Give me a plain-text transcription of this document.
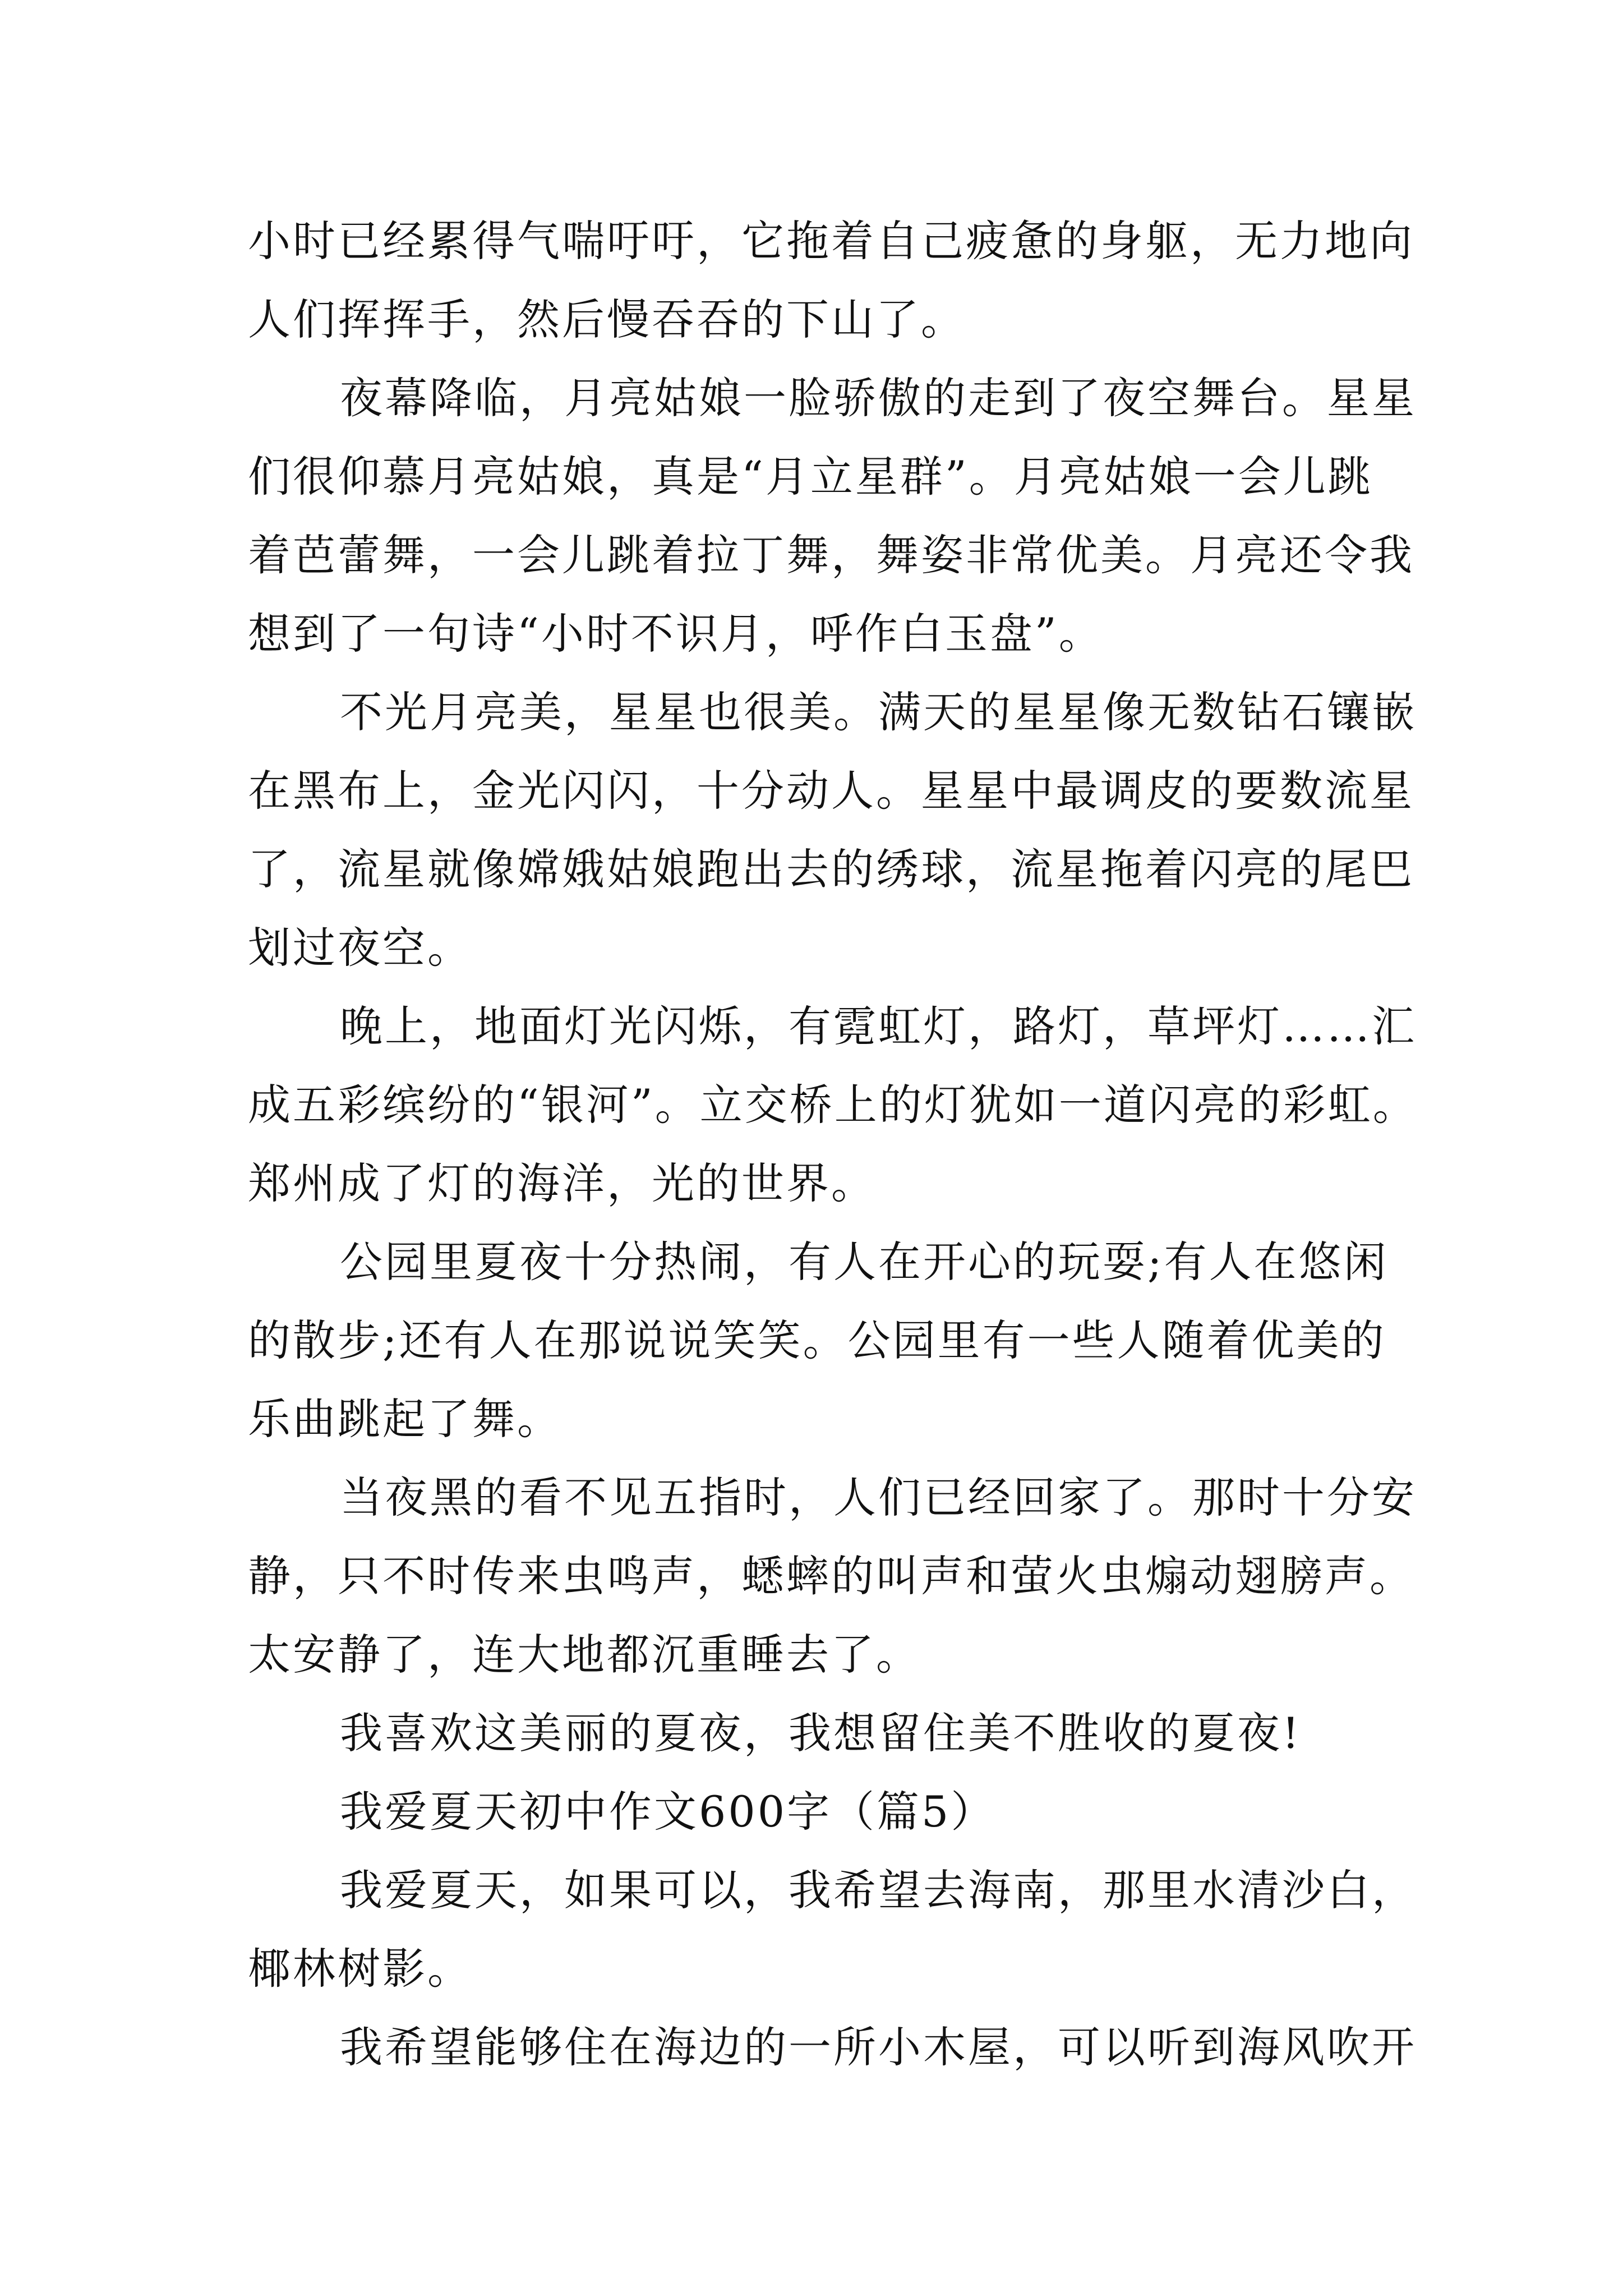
小时已经累得气喘吁吁，它拖着自己疲惫的身躯，无力地向
人们挥挥手，然后慢吞吞的下山了。
夜幕降临，月亮姑娘一脸骄傲的走到了夜空舞台。星星
们很仰慕月亮姑娘，真是“月立星群”。月亮姑娘一会儿跳
着芭蕾舞，一会儿跳着拉丁舞，舞姿非常优美。月亮还令我
想到了一句诗“小时不识月，呼作白玉盘”。
不光月亮美，星星也很美。满天的星星像无数钻石镶嵌
在黑布上，金光闪闪，十分动人。星星中最调皮的要数流星
了，流星就像嫦娥姑娘跑出去的绣球，流星拖着闪亮的尾巴
划过夜空。
晚上，地面灯光闪烁，有霓虹灯，路灯，草坪灯……汇
成五彩缤纷的“银河”。立交桥上的灯犹如一道闪亮的彩虹。
郑州成了灯的海洋，光的世界。
公园里夏夜十分热闹，有人在开心的玩耍;有人在悠闲
的散步;还有人在那说说笑笑。公园里有一些人随着优美的
乐曲跳起了舞。
当夜黑的看不见五指时，人们已经回家了。那时十分安
静，只不时传来虫鸣声，蟋蟀的叫声和萤火虫煽动翅膀声。
太安静了，连大地都沉重睡去了。
我喜欢这美丽的夏夜，我想留住美不胜收的夏夜!
我爱夏天初中作文600字（篇5）
我爱夏天，如果可以，我希望去海南，那里水清沙白，
椰林树影。
我希望能够住在海边的一所小木屋，可以听到海风吹开
